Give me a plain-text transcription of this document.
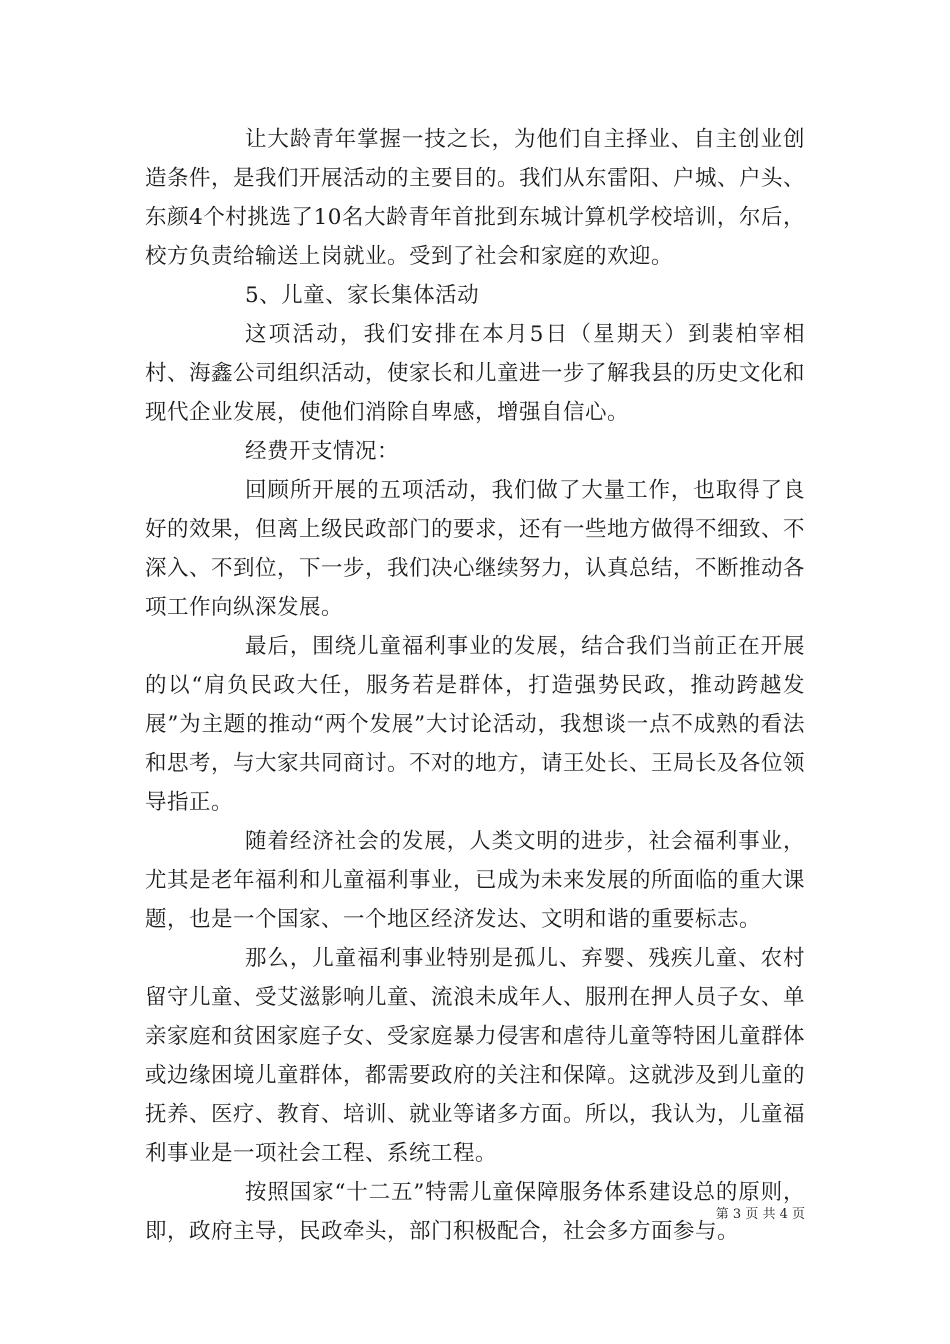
让大龄青年掌握一技之长，为他们自主择业、自主创业创造条件，是我们开展活动的主要目的。我们从东雷阳、户城、户头、东颜4个村挑选了10名大龄青年首批到东城计算机学校培训，尔后，校方负责给输送上岗就业。受到了社会和家庭的欢迎。

5、儿童、家长集体活动

这项活动，我们安排在本月5日（星期天）到裴柏宰相村、海鑫公司组织活动，使家长和儿童进一步了解我县的历史文化和现代企业发展，使他们消除自卑感，增强自信心。

经费开支情况：

回顾所开展的五项活动，我们做了大量工作，也取得了良好的效果，但离上级民政部门的要求，还有一些地方做得不细致、不深入、不到位，下一步，我们决心继续努力，认真总结，不断推动各项工作向纵深发展。

最后，围绕儿童福利事业的发展，结合我们当前正在开展的以“肩负民政大任，服务若是群体，打造强势民政，推动跨越发展”为主题的推动“两个发展”大讨论活动，我想谈一点不成熟的看法和思考，与大家共同商讨。不对的地方，请王处长、王局长及各位领导指正。

随着经济社会的发展，人类文明的进步，社会福利事业，尤其是老年福利和儿童福利事业，已成为未来发展的所面临的重大课题，也是一个国家、一个地区经济发达、文明和谐的重要标志。

那么，儿童福利事业特别是孤儿、弃婴、残疾儿童、农村留守儿童、受艾滋影响儿童、流浪未成年人、服刑在押人员子女、单亲家庭和贫困家庭子女、受家庭暴力侵害和虐待儿童等特困儿童群体或边缘困境儿童群体，都需要政府的关注和保障。这就涉及到儿童的抚养、医疗、教育、培训、就业等诸多方面。所以，我认为，儿童福利事业是一项社会工程、系统工程。

按照国家“十二五”特需儿童保障服务体系建设总的原则，即，政府主导，民政牵头，部门积极配合，社会多方面参与。

第 3 页 共 4 页
